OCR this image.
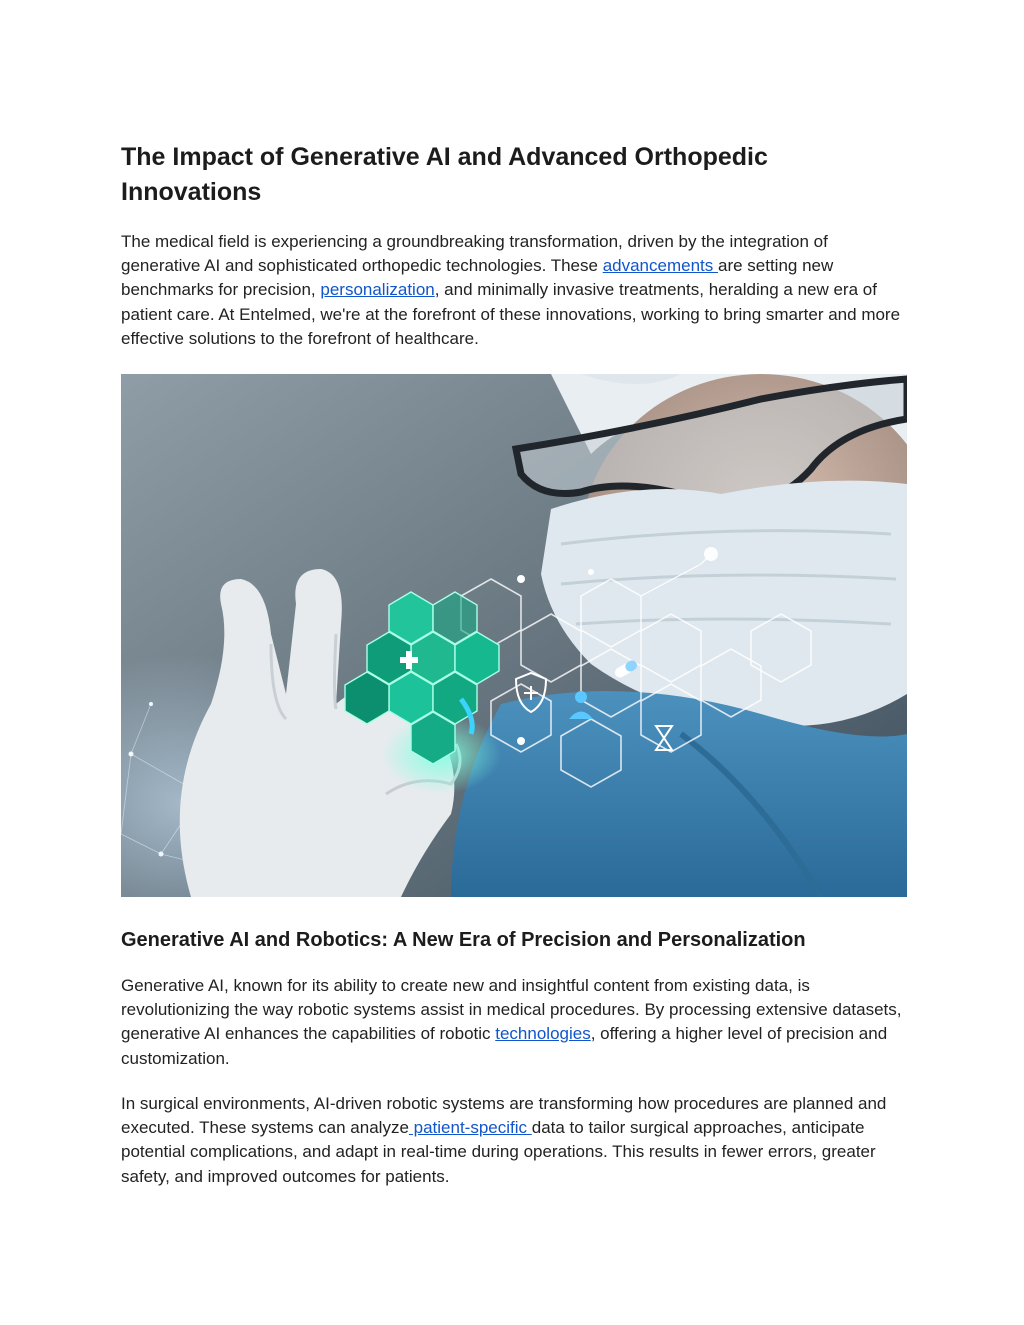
The Impact of Generative AI and Advanced Orthopedic Innovations

The medical field is experiencing a groundbreaking transformation, driven by the integration of generative AI and sophisticated orthopedic technologies. These advancements are setting new benchmarks for precision, personalization, and minimally invasive treatments, heralding a new era of patient care. At Entelmed, we're at the forefront of these innovations, working to bring smarter and more effective solutions to the forefront of healthcare.

Generative AI and Robotics: A New Era of Precision and Personalization

Generative AI, known for its ability to create new and insightful content from existing data, is revolutionizing the way robotic systems assist in medical procedures. By processing extensive datasets, generative AI enhances the capabilities of robotic technologies, offering a higher level of precision and customization.

In surgical environments, AI-driven robotic systems are transforming how procedures are planned and executed. These systems can analyze patient-specific data to tailor surgical approaches, anticipate potential complications, and adapt in real-time during operations. This results in fewer errors, greater safety, and improved outcomes for patients.
